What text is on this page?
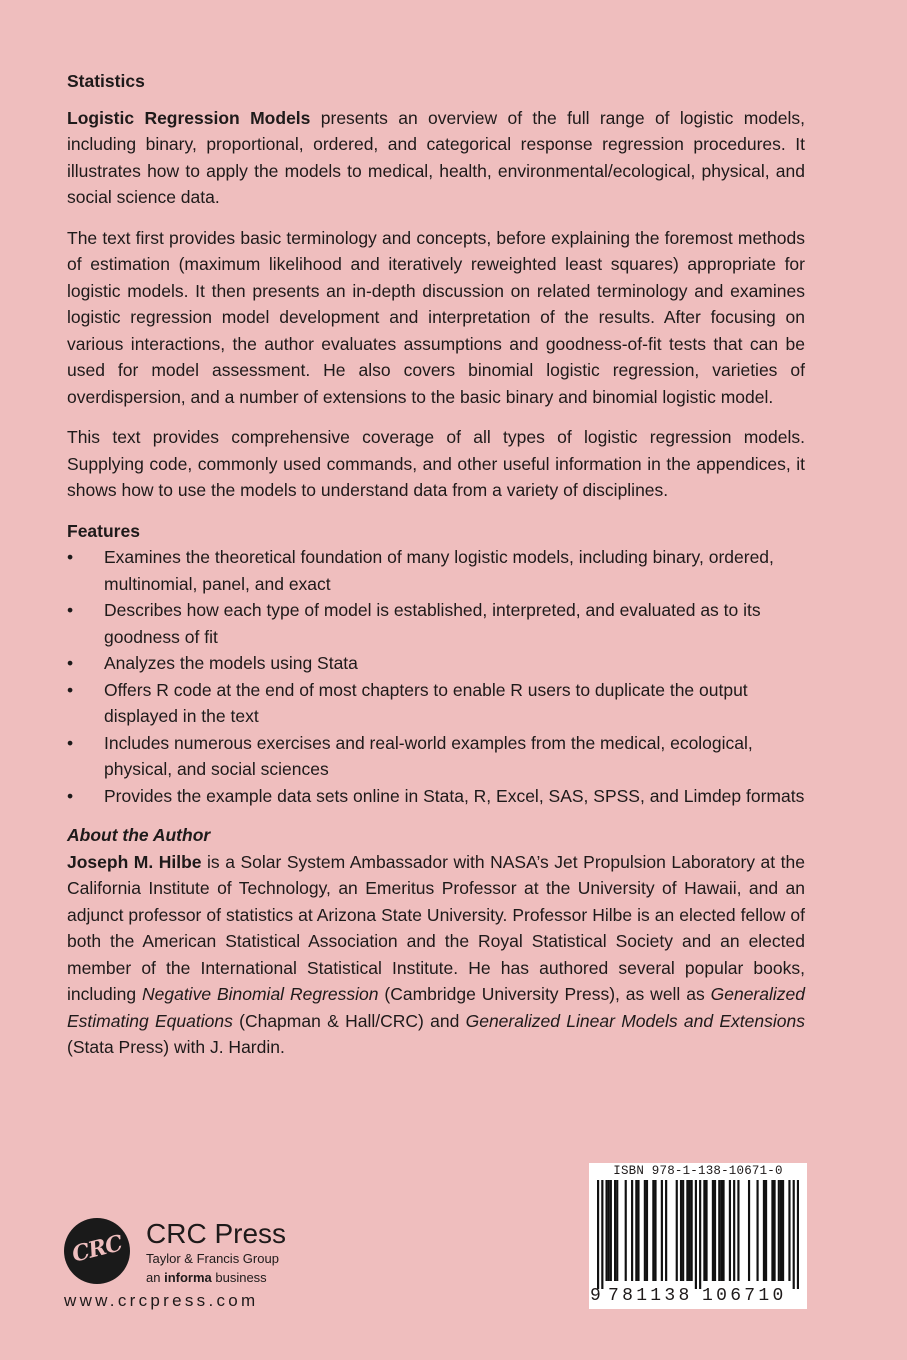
Statistics

Logistic Regression Models presents an overview of the full range of logistic models, including binary, proportional, ordered, and categorical response regression procedures. It illustrates how to apply the models to medical, health, environmental/ecological, physical, and social science data.

The text first provides basic terminology and concepts, before explaining the foremost methods of estimation (maximum likelihood and iteratively reweighted least squares) appropriate for logistic models. It then presents an in-depth discussion on related terminology and examines logistic regression model development and interpretation of the results. After focusing on various interactions, the author evaluates assumptions and goodness-of-fit tests that can be used for model assessment. He also covers binomial logistic regression, varieties of overdispersion, and a number of extensions to the basic binary and binomial logistic model.

This text provides comprehensive coverage of all types of logistic regression models. Supplying code, commonly used commands, and other useful information in the appendices, it shows how to use the models to understand data from a variety of disciplines.

Features
• Examines the theoretical foundation of many logistic models, including binary, ordered, multinomial, panel, and exact
• Describes how each type of model is established, interpreted, and evaluated as to its goodness of fit
• Analyzes the models using Stata
• Offers R code at the end of most chapters to enable R users to duplicate the output displayed in the text
• Includes numerous exercises and real-world examples from the medical, ecological, physical, and social sciences
• Provides the example data sets online in Stata, R, Excel, SAS, SPSS, and Limdep formats
About the Author

Joseph M. Hilbe is a Solar System Ambassador with NASA’s Jet Propulsion Laboratory at the California Institute of Technology, an Emeritus Professor at the University of Hawaii, and an adjunct professor of statistics at Arizona State University. Professor Hilbe is an elected fellow of both the American Statistical Association and the Royal Statistical Society and an elected member of the International Statistical Institute. He has authored several popular books, including Negative Binomial Regression (Cambridge University Press), as well as Generalized Estimating Equations (Chapman & Hall/CRC) and Generalized Linear Models and Extensions (Stata Press) with J. Hardin.

CRC CRC Press
Taylor & Francis Group
an informa business
www.crcpress.com
ISBN 978-1-138-10671-0
9 781138 106710
